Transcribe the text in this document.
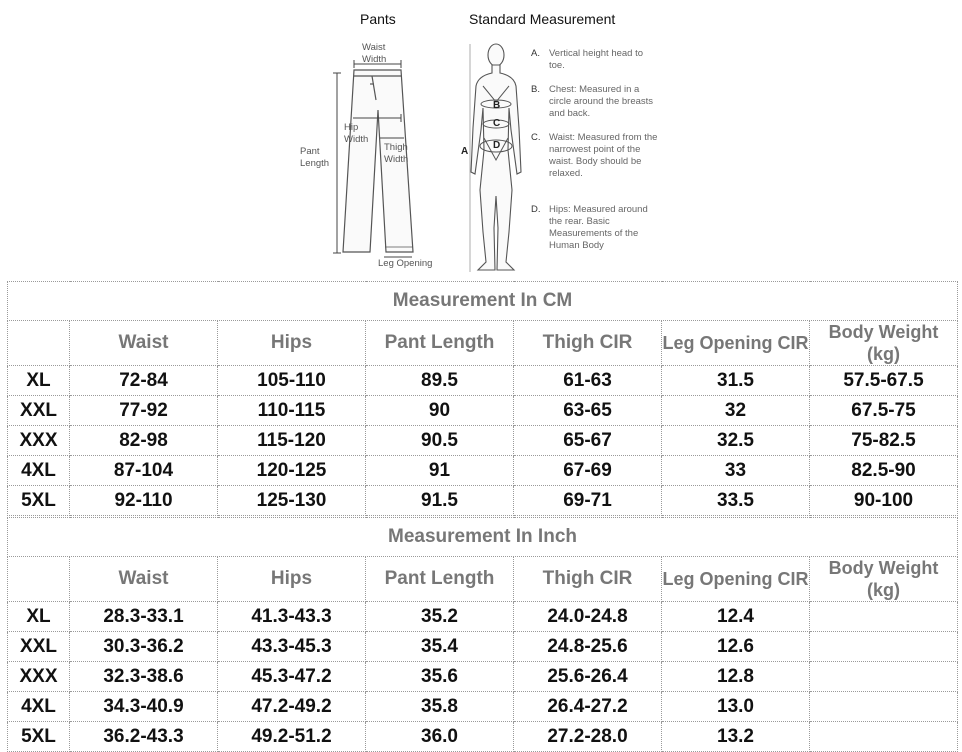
Pants	Standard Measurement
Waist
Width
Hip
Width
Pant
Length
Thigh
Width
Leg Opening
A
B
C
D
A. Vertical height head to toe.
B. Chest: Measured in a circle around the breasts and back.
C. Waist: Measured from the narrowest point of the waist. Body should be relaxed.
D. Hips: Measured around the rear. Basic Measurements of the Human Body
Measurement In CM						
	Waist	Hips	Pant Length	Thigh CIR	Leg Opening CIR	Body Weight (kg)
XL	72-84	105-110	89.5	61-63	31.5	57.5-67.5
XXL	77-92	110-115	90	63-65	32	67.5-75
XXX	82-98	115-120	90.5	65-67	32.5	75-82.5
4XL	87-104	120-125	91	67-69	33	82.5-90
5XL	92-110	125-130	91.5	69-71	33.5	90-100
Measurement In Inch						
	Waist	Hips	Pant Length	Thigh CIR	Leg Opening CIR	Body Weight (kg)
XL	28.3-33.1	41.3-43.3	35.2	24.0-24.8	12.4	
XXL	30.3-36.2	43.3-45.3	35.4	24.8-25.6	12.6	
XXX	32.3-38.6	45.3-47.2	35.6	25.6-26.4	12.8	
4XL	34.3-40.9	47.2-49.2	35.8	26.4-27.2	13.0	
5XL	36.2-43.3	49.2-51.2	36.0	27.2-28.0	13.2	
